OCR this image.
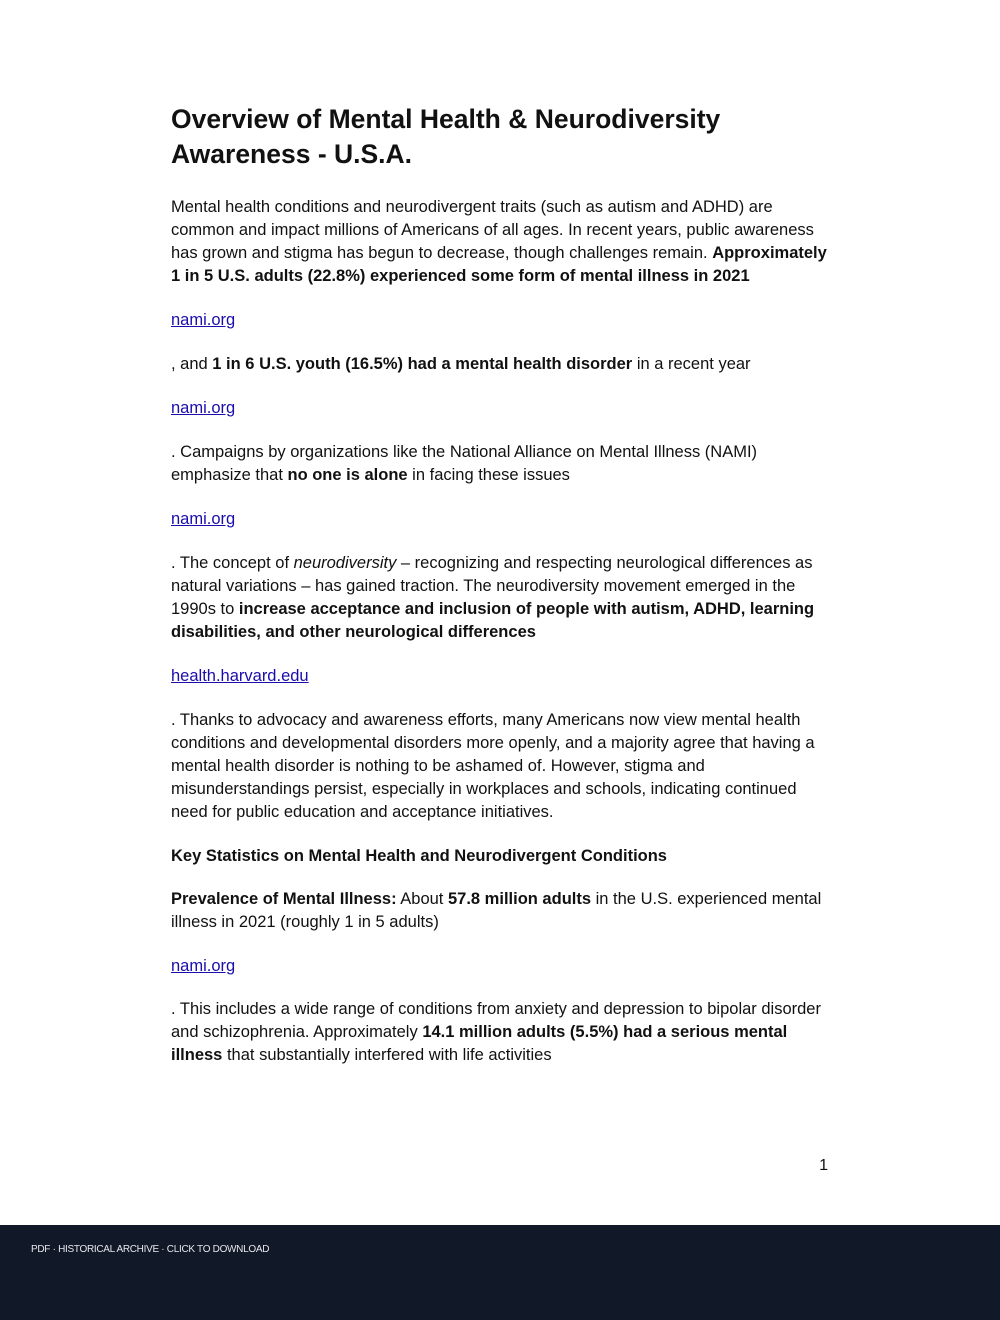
Overview of Mental Health & Neurodiversity Awareness - U.S.A.

Mental health conditions and neurodivergent traits (such as autism and ADHD) are common and impact millions of Americans of all ages. In recent years, public awareness has grown and stigma has begun to decrease, though challenges remain. Approximately 1 in 5 U.S. adults (22.8%) experienced some form of mental illness in 2021

nami.org

, and 1 in 6 U.S. youth (16.5%) had a mental health disorder in a recent year

nami.org

. Campaigns by organizations like the National Alliance on Mental Illness (NAMI) emphasize that no one is alone in facing these issues

nami.org

. The concept of neurodiversity – recognizing and respecting neurological differences as natural variations – has gained traction. The neurodiversity movement emerged in the 1990s to increase acceptance and inclusion of people with autism, ADHD, learning disabilities, and other neurological differences

health.harvard.edu

. Thanks to advocacy and awareness efforts, many Americans now view mental health conditions and developmental disorders more openly, and a majority agree that having a mental health disorder is nothing to be ashamed of. However, stigma and misunderstandings persist, especially in workplaces and schools, indicating continued need for public education and acceptance initiatives.

Key Statistics on Mental Health and Neurodivergent Conditions

Prevalence of Mental Illness: About 57.8 million adults in the U.S. experienced mental illness in 2021 (roughly 1 in 5 adults)

nami.org

. This includes a wide range of conditions from anxiety and depression to bipolar disorder and schizophrenia. Approximately 14.1 million adults (5.5%) had a serious mental illness that substantially interfered with life activities

1
PDF · HISTORICAL ARCHIVE · CLICK TO DOWNLOAD
